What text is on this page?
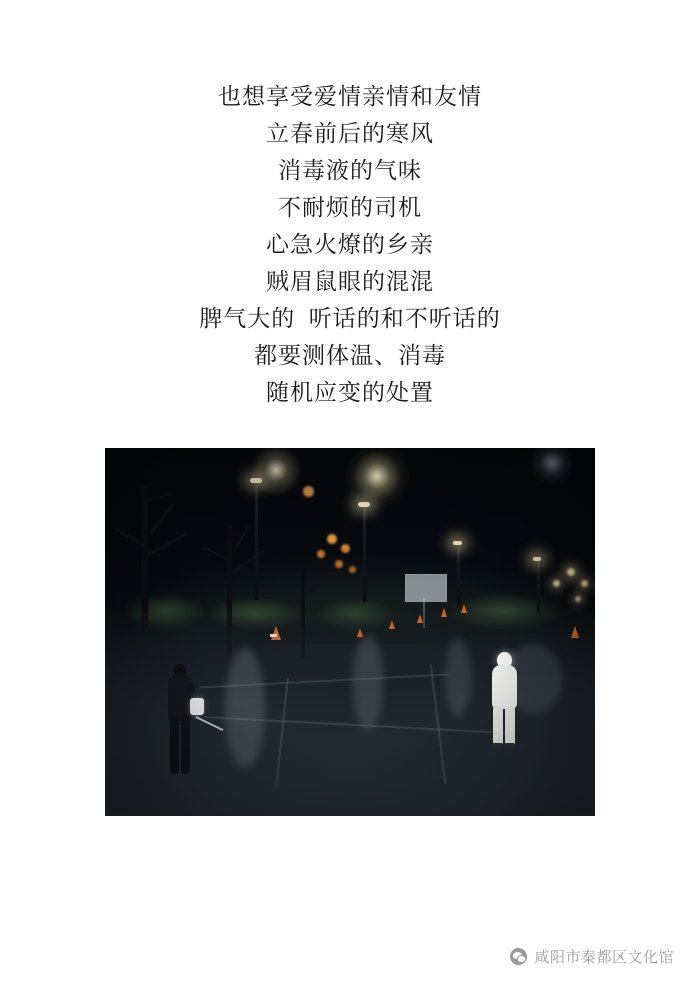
也想享受爱情亲情和友情
立春前后的寒风
消毒液的气味
不耐烦的司机
心急火燎的乡亲
贼眉鼠眼的混混
脾气大的  听话的和不听话的
都要测体温、消毒
随机应变的处置
咸阳市秦都区文化馆
